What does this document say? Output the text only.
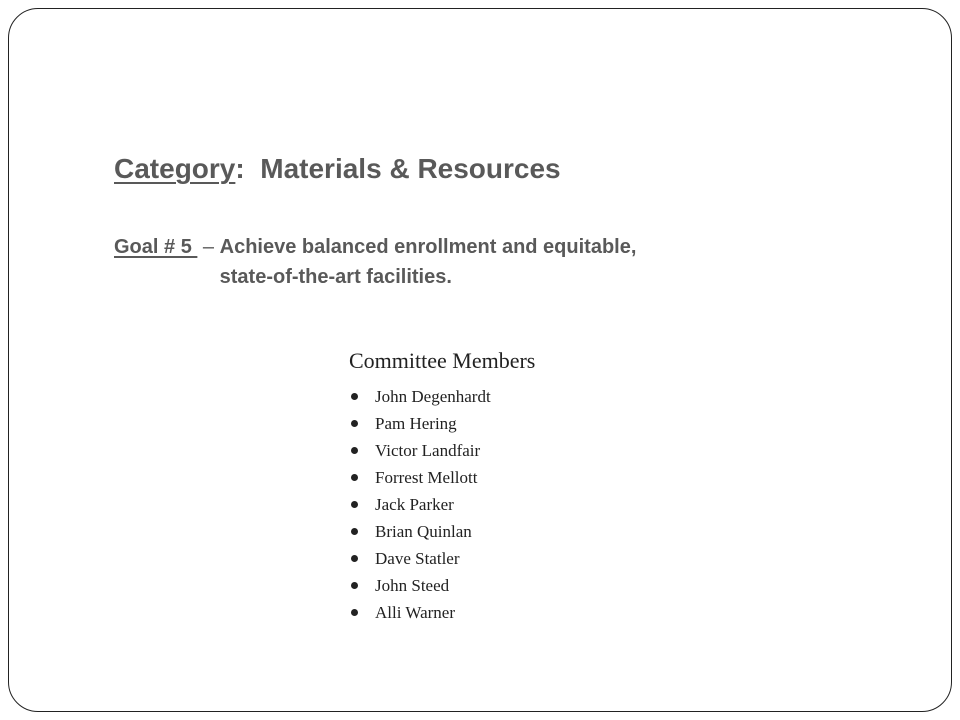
Category: Materials & Resources
Goal # 5 – Achieve balanced enrollment and equitable,
state-of-the-art facilities.
Committee Members
John Degenhardt
Pam Hering
Victor Landfair
Forrest Mellott
Jack Parker
Brian Quinlan
Dave Statler
John Steed
Alli Warner
